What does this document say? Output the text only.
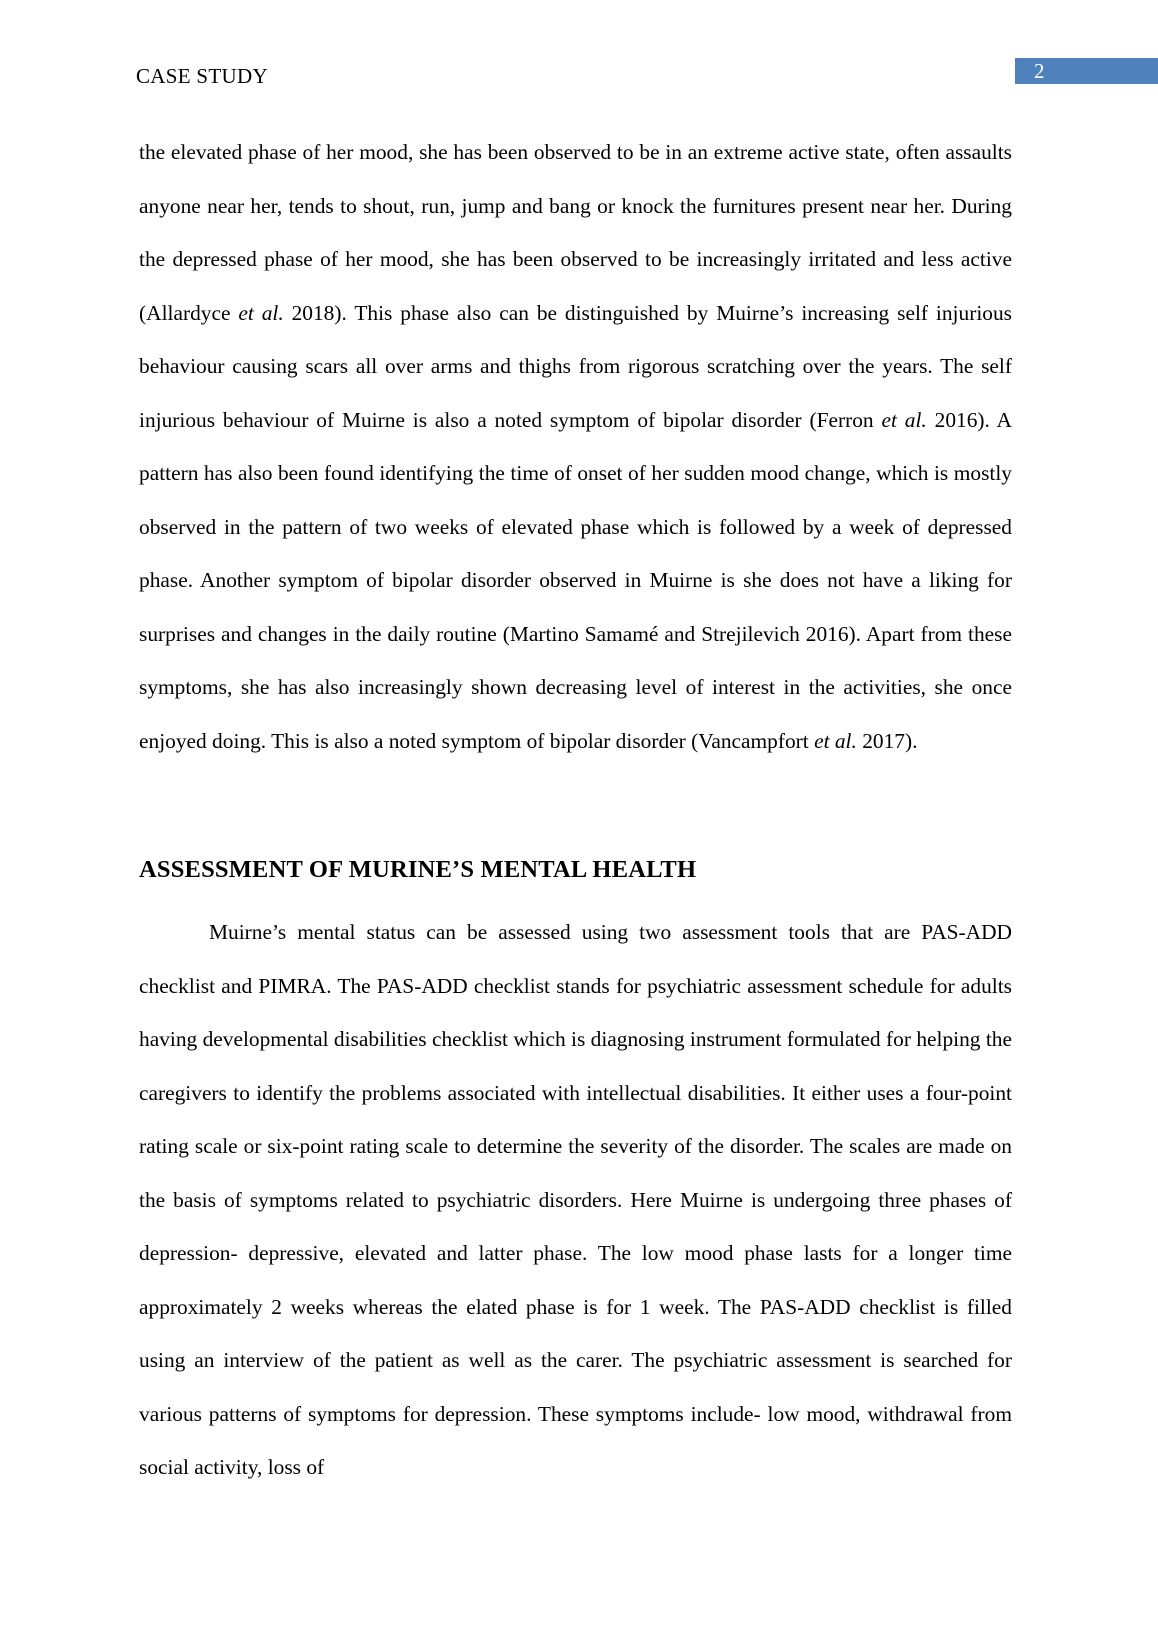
CASE STUDY	2

the elevated phase of her mood, she has been observed to be in an extreme active state, often assaults anyone near her, tends to shout, run, jump and bang or knock the furnitures present near her. During the depressed phase of her mood, she has been observed to be increasingly irritated and less active (Allardyce et al. 2018). This phase also can be distinguished by Muirne’s increasing self injurious behaviour causing scars all over arms and thighs from rigorous scratching over the years. The self injurious behaviour of Muirne is also a noted symptom of bipolar disorder (Ferron et al. 2016). A pattern has also been found identifying the time of onset of her sudden mood change, which is mostly observed in the pattern of two weeks of elevated phase which is followed by a week of depressed phase. Another symptom of bipolar disorder observed in Muirne is she does not have a liking for surprises and changes in the daily routine (Martino Samamé and Strejilevich 2016). Apart from these symptoms, she has also increasingly shown decreasing level of interest in the activities, she once enjoyed doing. This is also a noted symptom of bipolar disorder (Vancampfort et al. 2017).

ASSESSMENT OF MURINE’S MENTAL HEALTH

Muirne’s mental status can be assessed using two assessment tools that are PAS-ADD checklist and PIMRA. The PAS-ADD checklist stands for psychiatric assessment schedule for adults having developmental disabilities checklist which is diagnosing instrument formulated for helping the caregivers to identify the problems associated with intellectual disabilities. It either uses a four-point rating scale or six-point rating scale to determine the severity of the disorder. The scales are made on the basis of symptoms related to psychiatric disorders. Here Muirne is undergoing three phases of depression- depressive, elevated and latter phase. The low mood phase lasts for a longer time approximately 2 weeks whereas the elated phase is for 1 week. The PAS-ADD checklist is filled using an interview of the patient as well as the carer. The psychiatric assessment is searched for various patterns of symptoms for depression. These symptoms include- low mood, withdrawal from social activity, loss of
